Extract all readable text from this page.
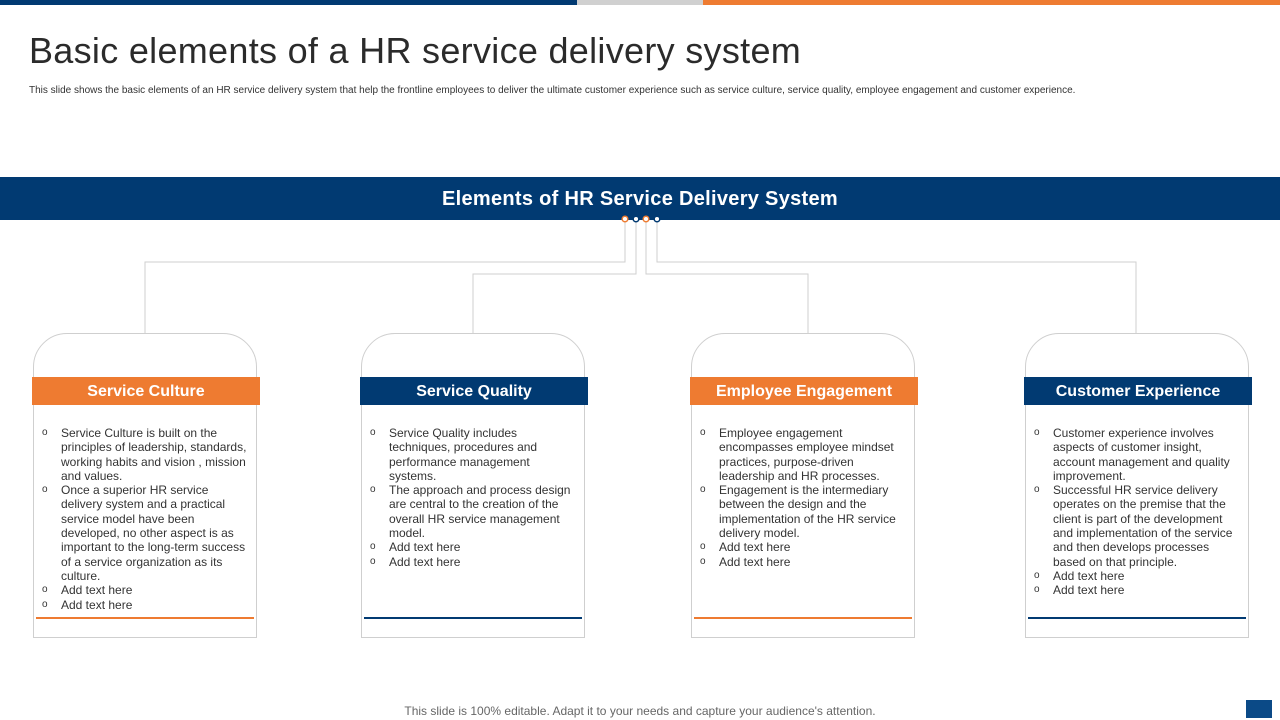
Basic elements of a HR service delivery system
This slide shows the basic elements of an HR service delivery system that help the frontline employees to deliver the ultimate customer experience such as service culture, service quality, employee engagement and customer experience.
Elements of HR Service Delivery System
Service Culture
o Service Culture is built on the principles of leadership, standards, working habits and vision , mission and values.
o Once a superior HR service delivery system and a practical service model have been developed, no other aspect is as important to the long-term success of a service organization as its culture.
o Add text here
o Add text here
Service Quality
o Service Quality includes techniques, procedures and performance management systems.
o The approach and process design are central to the creation of the overall HR service management model.
o Add text here
o Add text here
Employee Engagement
o Employee engagement encompasses employee mindset practices, purpose-driven leadership and HR processes.
o Engagement is the intermediary between the design and the implementation of the HR service delivery model.
o Add text here
o Add text here
Customer Experience
o Customer experience involves aspects of customer insight, account management and quality improvement.
o Successful HR service delivery operates on the premise that the client is part of the development and implementation of the service and then develops processes based on that principle.
o Add text here
o Add text here
This slide is 100% editable. Adapt it to your needs and capture your audience's attention.
